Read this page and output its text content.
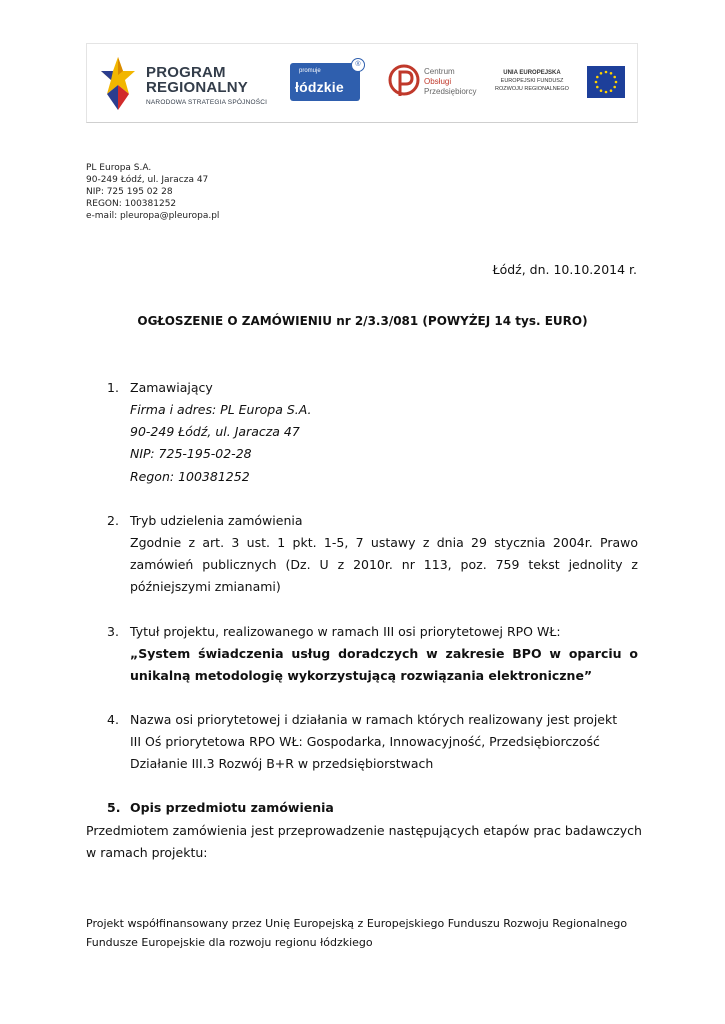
PROGRAM
REGIONALNY
NARODOWA STRATEGIA SPÓJNOŚCI
promuje
łódzkie
®
Centrum
Obsługi
Przedsiębiorcy
UNIA EUROPEJSKA
EUROPEJSKI FUNDUSZ
ROZWOJU REGIONALNEGO
PL Europa S.A.
90-249 Łódź, ul. Jaracza 47
NIP: 725 195 02 28
REGON: 100381252
e-mail: pleuropa@pleuropa.pl
Łódź, dn. 10.10.2014 r.
OGŁOSZENIE O ZAMÓWIENIU nr 2/3.3/081 (POWYŻEJ 14 tys. EURO)
1. Zamawiający
Firma i adres: PL Europa S.A.
90-249 Łódź, ul. Jaracza 47
NIP: 725-195-02-28
Regon: 100381252
2. Tryb udzielenia zamówienia
Zgodnie z art. 3 ust. 1 pkt. 1-5, 7 ustawy z dnia 29 stycznia 2004r. Prawo
zamówień publicznych (Dz. U z 2010r. nr 113, poz. 759 tekst jednolity z
późniejszymi zmianami)
3. Tytuł projektu, realizowanego w ramach III osi priorytetowej RPO WŁ:
„System świadczenia usług doradczych w zakresie BPO w oparciu o
unikalną metodologię wykorzystującą rozwiązania elektroniczne”
4. Nazwa osi priorytetowej i działania w ramach których realizowany jest projekt
III Oś priorytetowa RPO WŁ: Gospodarka, Innowacyjność, Przedsiębiorczość
Działanie III.3 Rozwój B+R w przedsiębiorstwach
5. Opis przedmiotu zamówienia
Przedmiotem zamówienia jest przeprowadzenie następujących etapów prac badawczych
w ramach projektu:
Projekt współfinansowany przez Unię Europejską z Europejskiego Funduszu Rozwoju Regionalnego
Fundusze Europejskie dla rozwoju regionu łódzkiego
